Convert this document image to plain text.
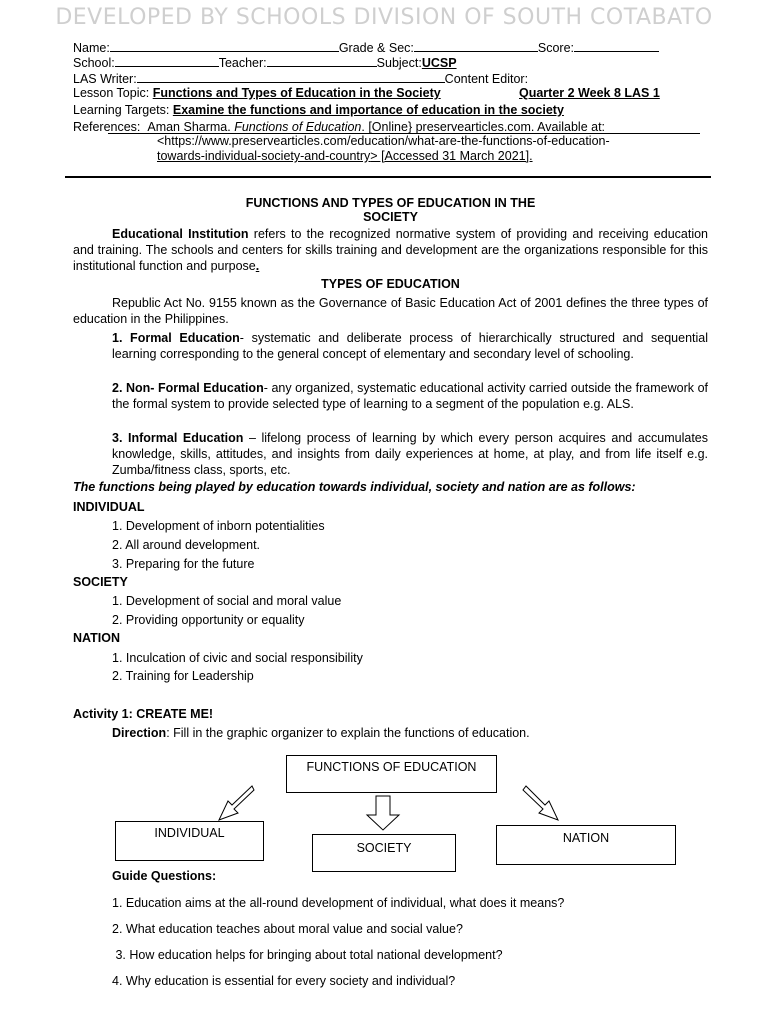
DEVELOPED BY SCHOOLS DIVISION OF SOUTH COTABATO
Name:	Grade & Sec:	Score:
School:	Teacher:	Subject:UCSP
LAS Writer:	Content Editor:
Lesson Topic: Functions and Types of Education in the Society	Quarter 2 Week 8 LAS 1
Learning Targets: Examine the functions and importance of education in the society
References: Aman Sharma. Functions of Education. [Online} preservearticles.com. Available at:
<https://www.preservearticles.com/education/what-are-the-functions-of-education-
towards-individual-society-and-country> [Accessed 31 March 2021].
FUNCTIONS AND TYPES OF EDUCATION IN THE
SOCIETY
Educational Institution refers to the recognized normative system of providing and receiving education and training. The schools and centers for skills training and development are the organizations responsible for this institutional function and purpose.
TYPES OF EDUCATION
Republic Act No. 9155 known as the Governance of Basic Education Act of 2001 defines the three types of education in the Philippines.
1. Formal Education- systematic and deliberate process of hierarchically structured and sequential learning corresponding to the general concept of elementary and secondary level of schooling.
2. Non- Formal Education- any organized, systematic educational activity carried outside the framework of the formal system to provide selected type of learning to a segment of the population e.g. ALS.
3. Informal Education – lifelong process of learning by which every person acquires and accumulates knowledge, skills, attitudes, and insights from daily experiences at home, at play, and from life itself e.g. Zumba/fitness class, sports, etc.
The functions being played by education towards individual, society and nation are as follows:
INDIVIDUAL
1. Development of inborn potentialities
2. All around development.
3. Preparing for the future
SOCIETY
1. Development of social and moral value
2. Providing opportunity or equality
NATION
1. Inculcation of civic and social responsibility
2. Training for Leadership
Activity 1: CREATE ME!
Direction: Fill in the graphic organizer to explain the functions of education.
FUNCTIONS OF EDUCATION
INDIVIDUAL
SOCIETY
NATION
Guide Questions:
1. Education aims at the all-round development of individual, what does it means?
2. What education teaches about moral value and social value?
3. How education helps for bringing about total national development?
4. Why education is essential for every society and individual?
